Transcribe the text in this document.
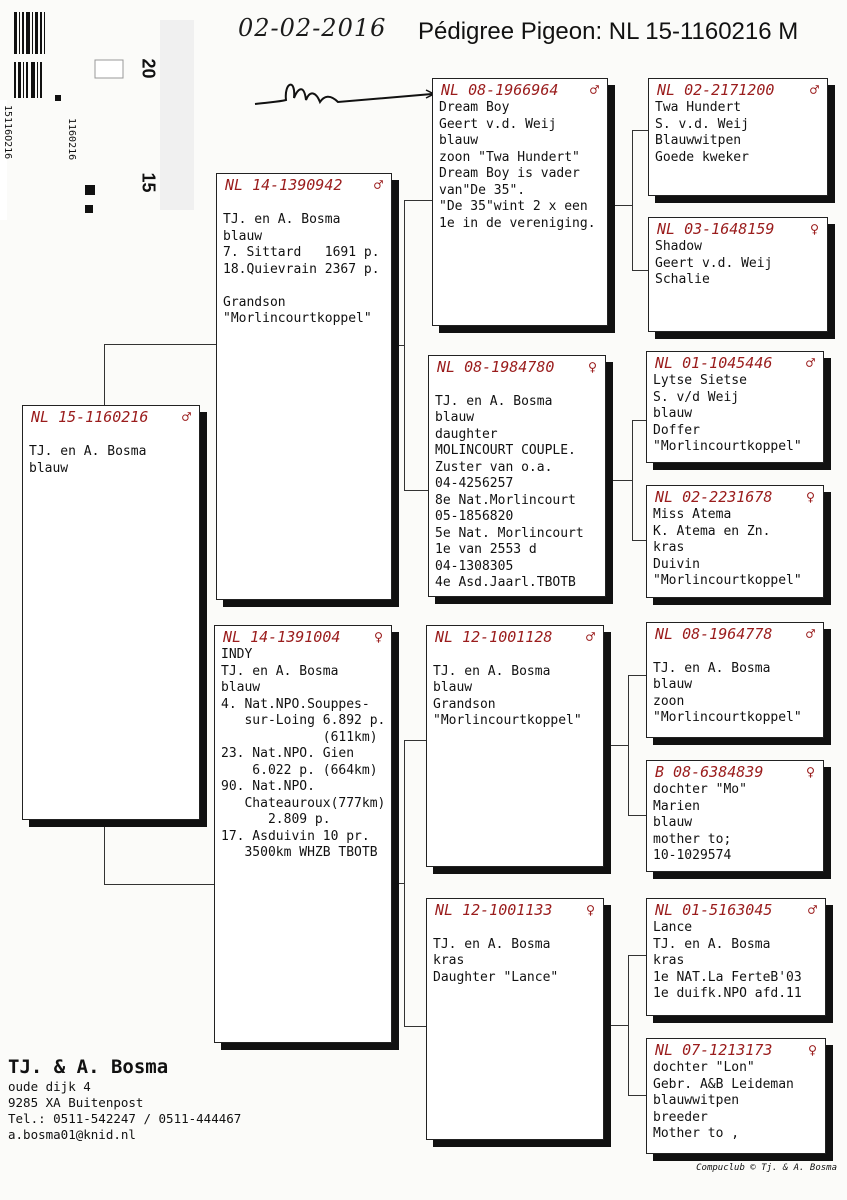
02-02-2016 Pédigree Pigeon: NL 15-1160216 M
15116O216	1160216
20
15
NL 15-1160216	♂
TJ. en A. Bosma
blauw
NL 14-1390942	♂
TJ. en A. Bosma
blauw
7. Sittard   1691 p.
18.Quievrain 2367 p.

Grandson
"Morlincourtkoppel"
NL 14-1391004	♀
INDY
TJ. en A. Bosma
blauw
4. Nat.NPO.Souppes-
sur-Loing 6.892 p.
(611km)
23. Nat.NPO. Gien
6.022 p. (664km)
90. Nat.NPO.
Chateauroux(777km)
2.809 p.
17. Asduivin 10 pr.
3500km WHZB TBOTB
NL 08-1966964	♂
Dream Boy
Geert v.d. Weij
blauw
zoon "Twa Hundert"
Dream Boy is vader
van"De 35".
"De 35"wint 2 x een
1e in de vereniging.
NL 08-1984780	♀

TJ. en A. Bosma
blauw
daughter
MOLINCOURT COUPLE.
Zuster van o.a.
04-4256257
8e Nat.Morlincourt
05-1856820
5e Nat. Morlincourt
1e van 2553 d
04-1308305
4e Asd.Jaarl.TBOTB
NL 12-1001128	♂

TJ. en A. Bosma
blauw
Grandson
"Morlincourtkoppel"
NL 12-1001133	♀

TJ. en A. Bosma
kras
Daughter "Lance"
NL 02-2171200	♂
Twa Hundert
S. v.d. Weij
Blauwwitpen
Goede kweker
NL 03-1648159	♀
Shadow
Geert v.d. Weij
Schalie
NL 01-1045446	♂
Lytse Sietse
S. v/d Weij
blauw
Doffer
"Morlincourtkoppel"
NL 02-2231678	♀
Miss Atema
K. Atema en Zn.
kras
Duivin
"Morlincourtkoppel"
NL 08-1964778	♂

TJ. en A. Bosma
blauw
zoon
"Morlincourtkoppel"
B 08-6384839	♀
dochter "Mo"
Marien
blauw
mother to;
10-1029574
NL 01-5163045	♂
Lance
TJ. en A. Bosma
kras
1e NAT.La FerteB'03
1e duifk.NPO afd.11
NL 07-1213173	♀
dochter "Lon"
Gebr. A&B Leideman
blauwwitpen
breeder
Mother to ,
TJ. & A. Bosma
oude dijk 4
9285 XA Buitenpost
Tel.: 0511-542247 / 0511-444467
a.bosma01@knid.nl
Compuclub © Tj. & A. Bosma
